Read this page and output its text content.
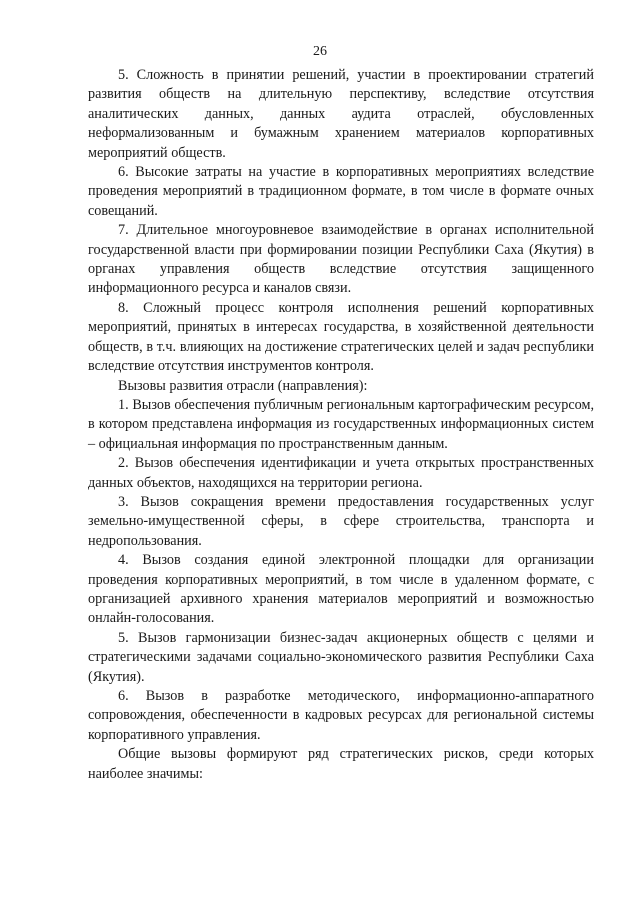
26

5. Сложность в принятии решений, участии в проектировании стратегий развития обществ на длительную перспективу, вследствие отсутствия аналитических данных, данных аудита отраслей, обусловленных неформализованным и бумажным хранением материалов корпоративных мероприятий обществ.

6. Высокие затраты на участие в корпоративных мероприятиях вследствие проведения мероприятий в традиционном формате, в том числе в формате очных совещаний.

7. Длительное многоуровневое взаимодействие в органах исполнительной государственной власти при формировании позиции Республики Саха (Якутия) в органах управления обществ вследствие отсутствия защищенного информационного ресурса и каналов связи.

8. Сложный процесс контроля исполнения решений корпоративных мероприятий, принятых в интересах государства, в хозяйственной деятельности обществ, в т.ч. влияющих на достижение стратегических целей и задач республики вследствие отсутствия инструментов контроля.

Вызовы развития отрасли (направления):

1. Вызов обеспечения публичным региональным картографическим ресурсом, в котором представлена информация из государственных информационных систем – официальная информация по пространственным данным.

2. Вызов обеспечения идентификации и учета открытых пространственных данных объектов, находящихся на территории региона.

3. Вызов сокращения времени предоставления государственных услуг земельно-имущественной сферы, в сфере строительства, транспорта и недропользования.

4. Вызов создания единой электронной площадки для организации проведения корпоративных мероприятий, в том числе в удаленном формате, с организацией архивного хранения материалов мероприятий и возможностью онлайн-голосования.

5. Вызов гармонизации бизнес-задач акционерных обществ с целями и стратегическими задачами социально-экономического развития Республики Саха (Якутия).

6. Вызов в разработке методического, информационно-аппаратного сопровождения, обеспеченности в кадровых ресурсах для региональной системы корпоративного управления.

Общие вызовы формируют ряд стратегических рисков, среди которых наиболее значимы:
